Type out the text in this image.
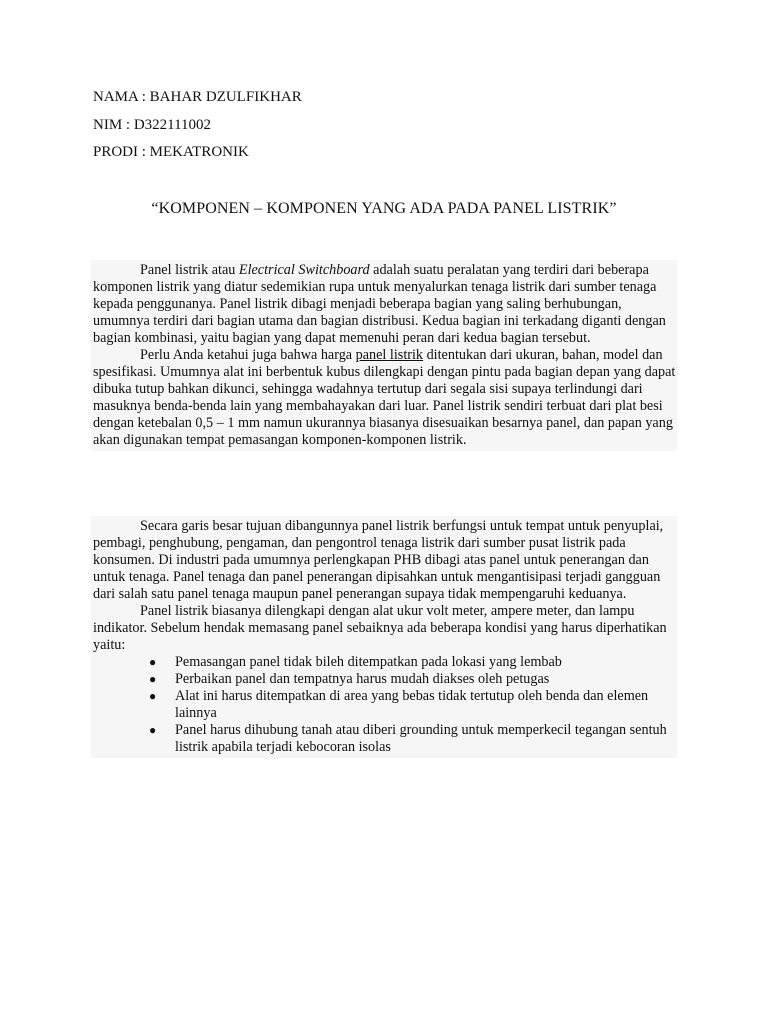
NAMA : BAHAR DZULFIKHAR
NIM : D322111002
PRODI : MEKATRONIK
“KOMPONEN – KOMPONEN YANG ADA PADA PANEL LISTRIK”

Panel listrik atau Electrical Switchboard adalah suatu peralatan yang terdiri dari beberapa komponen listrik yang diatur sedemikian rupa untuk menyalurkan tenaga listrik dari sumber tenaga kepada penggunanya. Panel listrik dibagi menjadi beberapa bagian yang saling berhubungan, umumnya terdiri dari bagian utama dan bagian distribusi. Kedua bagian ini terkadang diganti dengan bagian kombinasi, yaitu bagian yang dapat memenuhi peran dari kedua bagian tersebut.

Perlu Anda ketahui juga bahwa harga panel listrik ditentukan dari ukuran, bahan, model dan spesifikasi. Umumnya alat ini berbentuk kubus dilengkapi dengan pintu pada bagian depan yang dapat dibuka tutup bahkan dikunci, sehingga wadahnya tertutup dari segala sisi supaya terlindungi dari masuknya benda-benda lain yang membahayakan dari luar. Panel listrik sendiri terbuat dari plat besi dengan ketebalan 0,5 – 1 mm namun ukurannya biasanya disesuaikan besarnya panel, dan papan yang akan digunakan tempat pemasangan komponen-komponen listrik.

Secara garis besar tujuan dibangunnya panel listrik berfungsi untuk tempat untuk penyuplai, pembagi, penghubung, pengaman, dan pengontrol tenaga listrik dari sumber pusat listrik pada konsumen. Di industri pada umumnya perlengkapan PHB dibagi atas panel untuk penerangan dan untuk tenaga. Panel tenaga dan panel penerangan dipisahkan untuk mengantisipasi terjadi gangguan dari salah satu panel tenaga maupun panel penerangan supaya tidak mempengaruhi keduanya.

Panel listrik biasanya dilengkapi dengan alat ukur volt meter, ampere meter, dan lampu indikator. Sebelum hendak memasang panel sebaiknya ada beberapa kondisi yang harus diperhatikan yaitu:

● Pemasangan panel tidak bileh ditempatkan pada lokasi yang lembab
● Perbaikan panel dan tempatnya harus mudah diakses oleh petugas
● Alat ini harus ditempatkan di area yang bebas tidak tertutup oleh benda dan elemen lainnya
● Panel harus dihubung tanah atau diberi grounding untuk memperkecil tegangan sentuh listrik apabila terjadi kebocoran isolas
